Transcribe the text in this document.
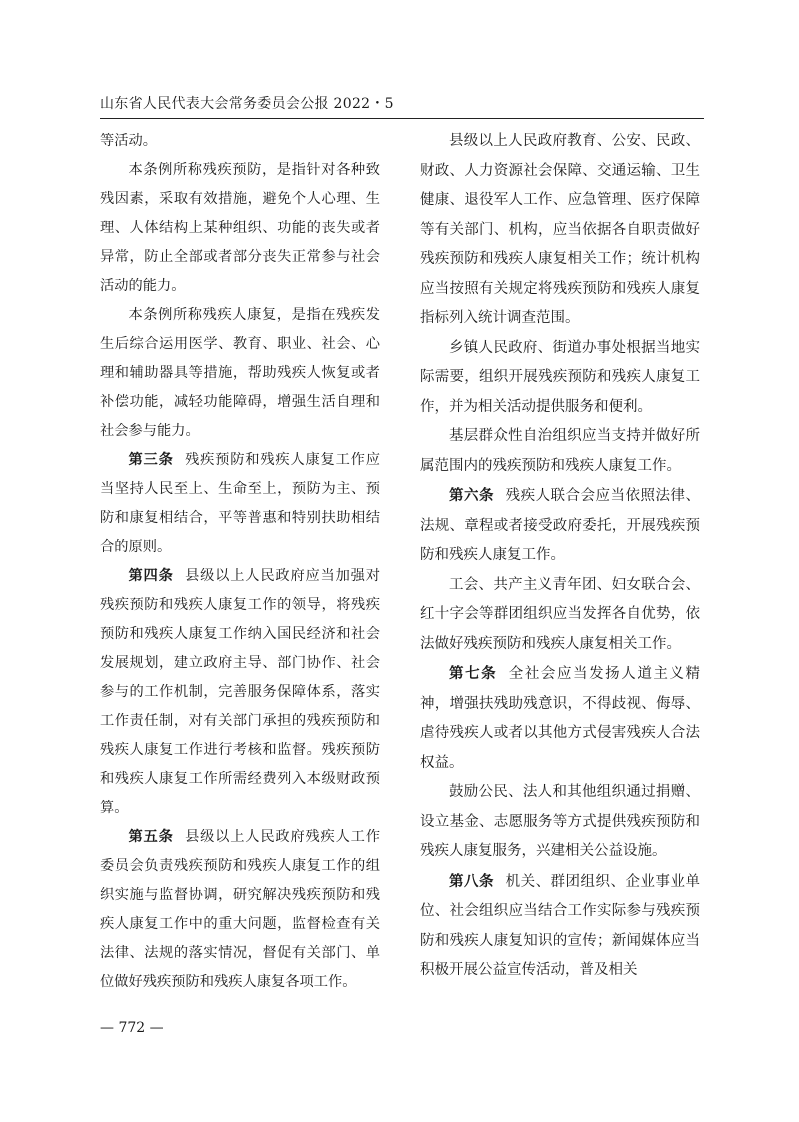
山东省人民代表大会常务委员会公报 2022・5

等活动。

本条例所称残疾预防，是指针对各种致残因素，采取有效措施，避免个人心理、生理、人体结构上某种组织、功能的丧失或者异常，防止全部或者部分丧失正常参与社会活动的能力。

本条例所称残疾人康复，是指在残疾发生后综合运用医学、教育、职业、社会、心理和辅助器具等措施，帮助残疾人恢复或者补偿功能，减轻功能障碍，增强生活自理和社会参与能力。

第三条 残疾预防和残疾人康复工作应当坚持人民至上、生命至上，预防为主、预防和康复相结合，平等普惠和特别扶助相结合的原则。

第四条 县级以上人民政府应当加强对残疾预防和残疾人康复工作的领导，将残疾预防和残疾人康复工作纳入国民经济和社会发展规划，建立政府主导、部门协作、社会参与的工作机制，完善服务保障体系，落实工作责任制，对有关部门承担的残疾预防和残疾人康复工作进行考核和监督。残疾预防和残疾人康复工作所需经费列入本级财政预算。

第五条 县级以上人民政府残疾人工作委员会负责残疾预防和残疾人康复工作的组织实施与监督协调，研究解决残疾预防和残疾人康复工作中的重大问题，监督检查有关法律、法规的落实情况，督促有关部门、单位做好残疾预防和残疾人康复各项工作。

县级以上人民政府教育、公安、民政、财政、人力资源社会保障、交通运输、卫生健康、退役军人工作、应急管理、医疗保障等有关部门、机构，应当依据各自职责做好残疾预防和残疾人康复相关工作；统计机构应当按照有关规定将残疾预防和残疾人康复指标列入统计调查范围。

乡镇人民政府、街道办事处根据当地实际需要，组织开展残疾预防和残疾人康复工作，并为相关活动提供服务和便利。

基层群众性自治组织应当支持并做好所属范围内的残疾预防和残疾人康复工作。

第六条 残疾人联合会应当依照法律、法规、章程或者接受政府委托，开展残疾预防和残疾人康复工作。

工会、共产主义青年团、妇女联合会、红十字会等群团组织应当发挥各自优势，依法做好残疾预防和残疾人康复相关工作。

第七条 全社会应当发扬人道主义精神，增强扶残助残意识，不得歧视、侮辱、虐待残疾人或者以其他方式侵害残疾人合法权益。

鼓励公民、法人和其他组织通过捐赠、设立基金、志愿服务等方式提供残疾预防和残疾人康复服务，兴建相关公益设施。

第八条 机关、群团组织、企业事业单位、社会组织应当结合工作实际参与残疾预防和残疾人康复知识的宣传；新闻媒体应当积极开展公益宣传活动，普及相关

— 772 —
